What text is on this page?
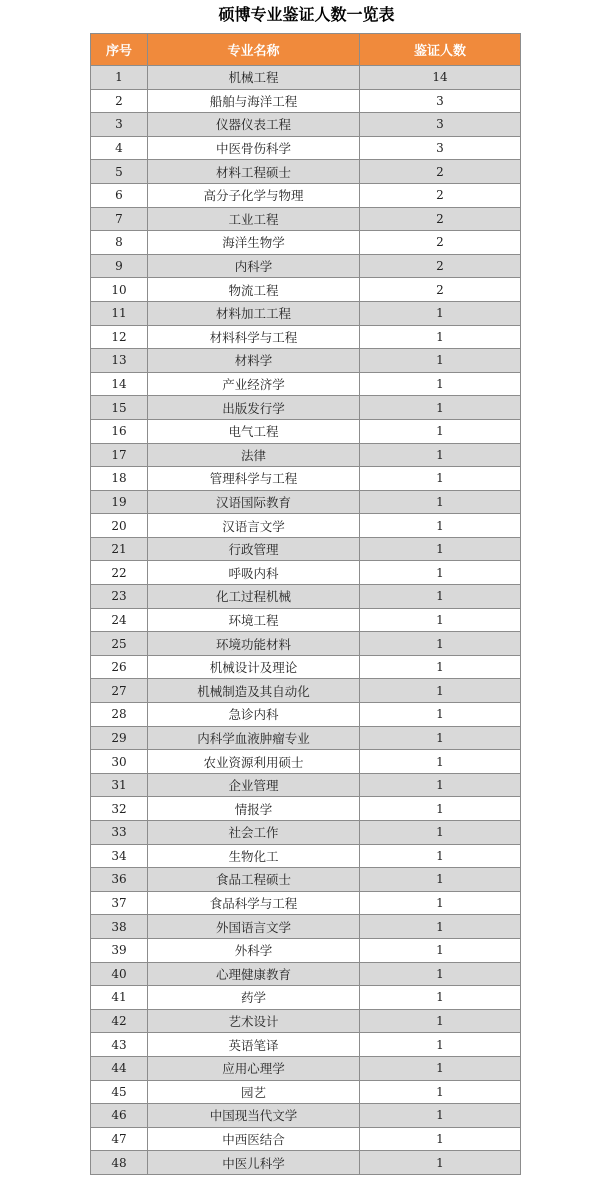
硕博专业鉴证人数一览表
序号	专业名称	鉴证人数
1	机械工程	14
2	船舶与海洋工程	3
3	仪器仪表工程	3
4	中医骨伤科学	3
5	材料工程硕士	2
6	高分子化学与物理	2
7	工业工程	2
8	海洋生物学	2
9	内科学	2
10	物流工程	2
11	材料加工工程	1
12	材料科学与工程	1
13	材料学	1
14	产业经济学	1
15	出版发行学	1
16	电气工程	1
17	法律	1
18	管理科学与工程	1
19	汉语国际教育	1
20	汉语言文学	1
21	行政管理	1
22	呼吸内科	1
23	化工过程机械	1
24	环境工程	1
25	环境功能材料	1
26	机械设计及理论	1
27	机械制造及其自动化	1
28	急诊内科	1
29	内科学血液肿瘤专业	1
30	农业资源利用硕士	1
31	企业管理	1
32	情报学	1
33	社会工作	1
34	生物化工	1
36	食品工程硕士	1
37	食品科学与工程	1
38	外国语言文学	1
39	外科学	1
40	心理健康教育	1
41	药学	1
42	艺术设计	1
43	英语笔译	1
44	应用心理学	1
45	园艺	1
46	中国现当代文学	1
47	中西医结合	1
48	中医儿科学	1
